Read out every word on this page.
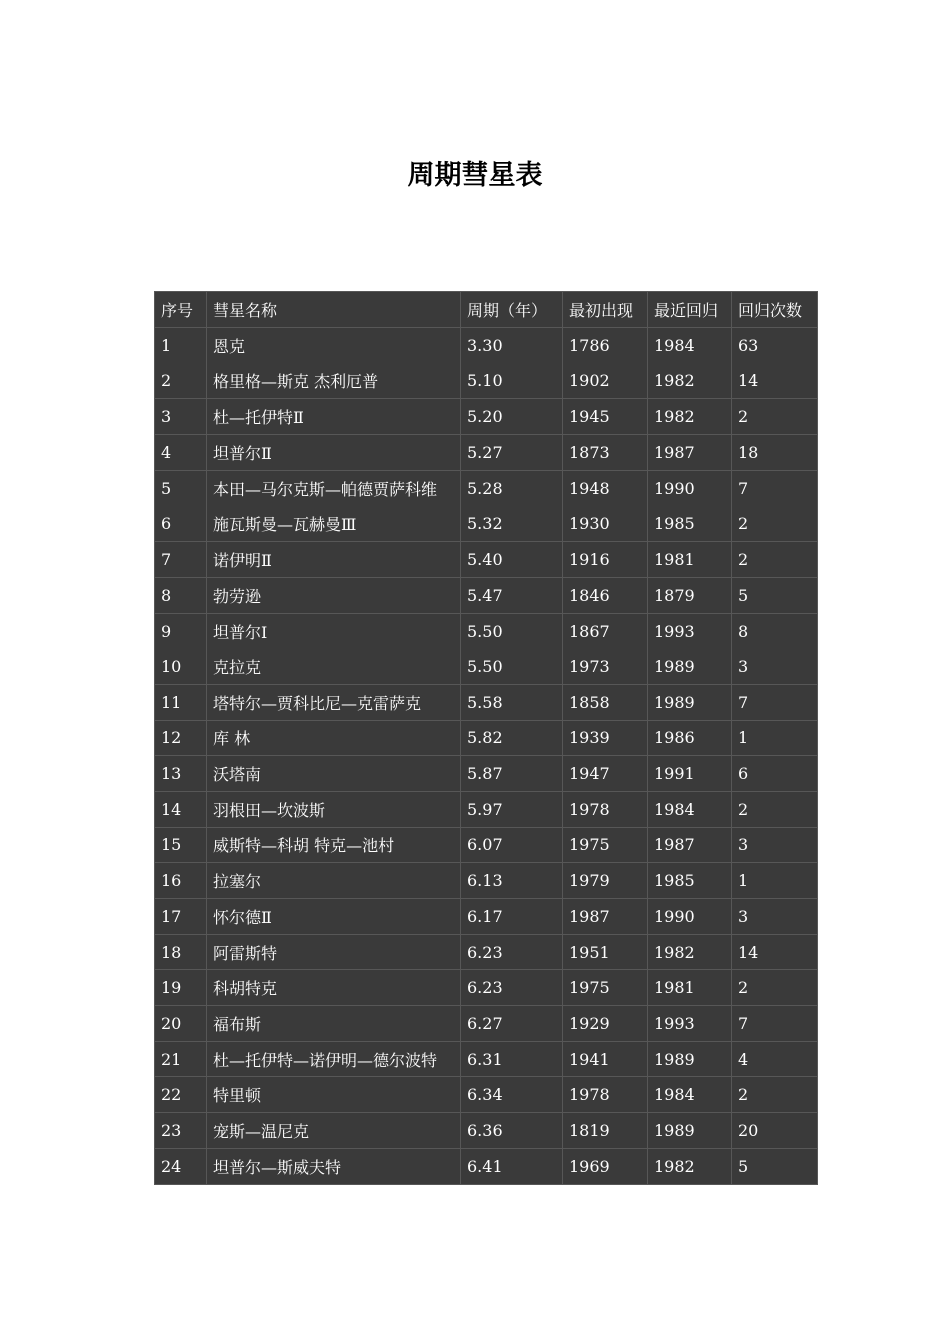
周期彗星表
序号	彗星名称	周期（年）	最初出现	最近回归	回归次数
1	恩克	3.30	1786	1984	63
2	格里格—斯克 杰利厄普	5.10	1902	1982	14
3	杜—托伊特Ⅱ	5.20	1945	1982	2
4	坦普尔Ⅱ	5.27	1873	1987	18
5	本田—马尔克斯—帕德贾萨科维	5.28	1948	1990	7
6	施瓦斯曼—瓦赫曼Ⅲ	5.32	1930	1985	2
7	诺伊明Ⅱ	5.40	1916	1981	2
8	勃劳逊	5.47	1846	1879	5
9	坦普尔Ⅰ	5.50	1867	1993	8
10	克拉克	5.50	1973	1989	3
11	塔特尔—贾科比尼—克雷萨克	5.58	1858	1989	7
12	库 林	5.82	1939	1986	1
13	沃塔南	5.87	1947	1991	6
14	羽根田—坎波斯	5.97	1978	1984	2
15	威斯特—科胡 特克—池村	6.07	1975	1987	3
16	拉塞尔	6.13	1979	1985	1
17	怀尔德Ⅱ	6.17	1987	1990	3
18	阿雷斯特	6.23	1951	1982	14
19	科胡特克	6.23	1975	1981	2
20	福布斯	6.27	1929	1993	7
21	杜—托伊特—诺伊明—德尔波特	6.31	1941	1989	4
22	特里顿	6.34	1978	1984	2
23	宠斯—温尼克	6.36	1819	1989	20
24	坦普尔—斯威夫特	6.41	1969	1982	5
